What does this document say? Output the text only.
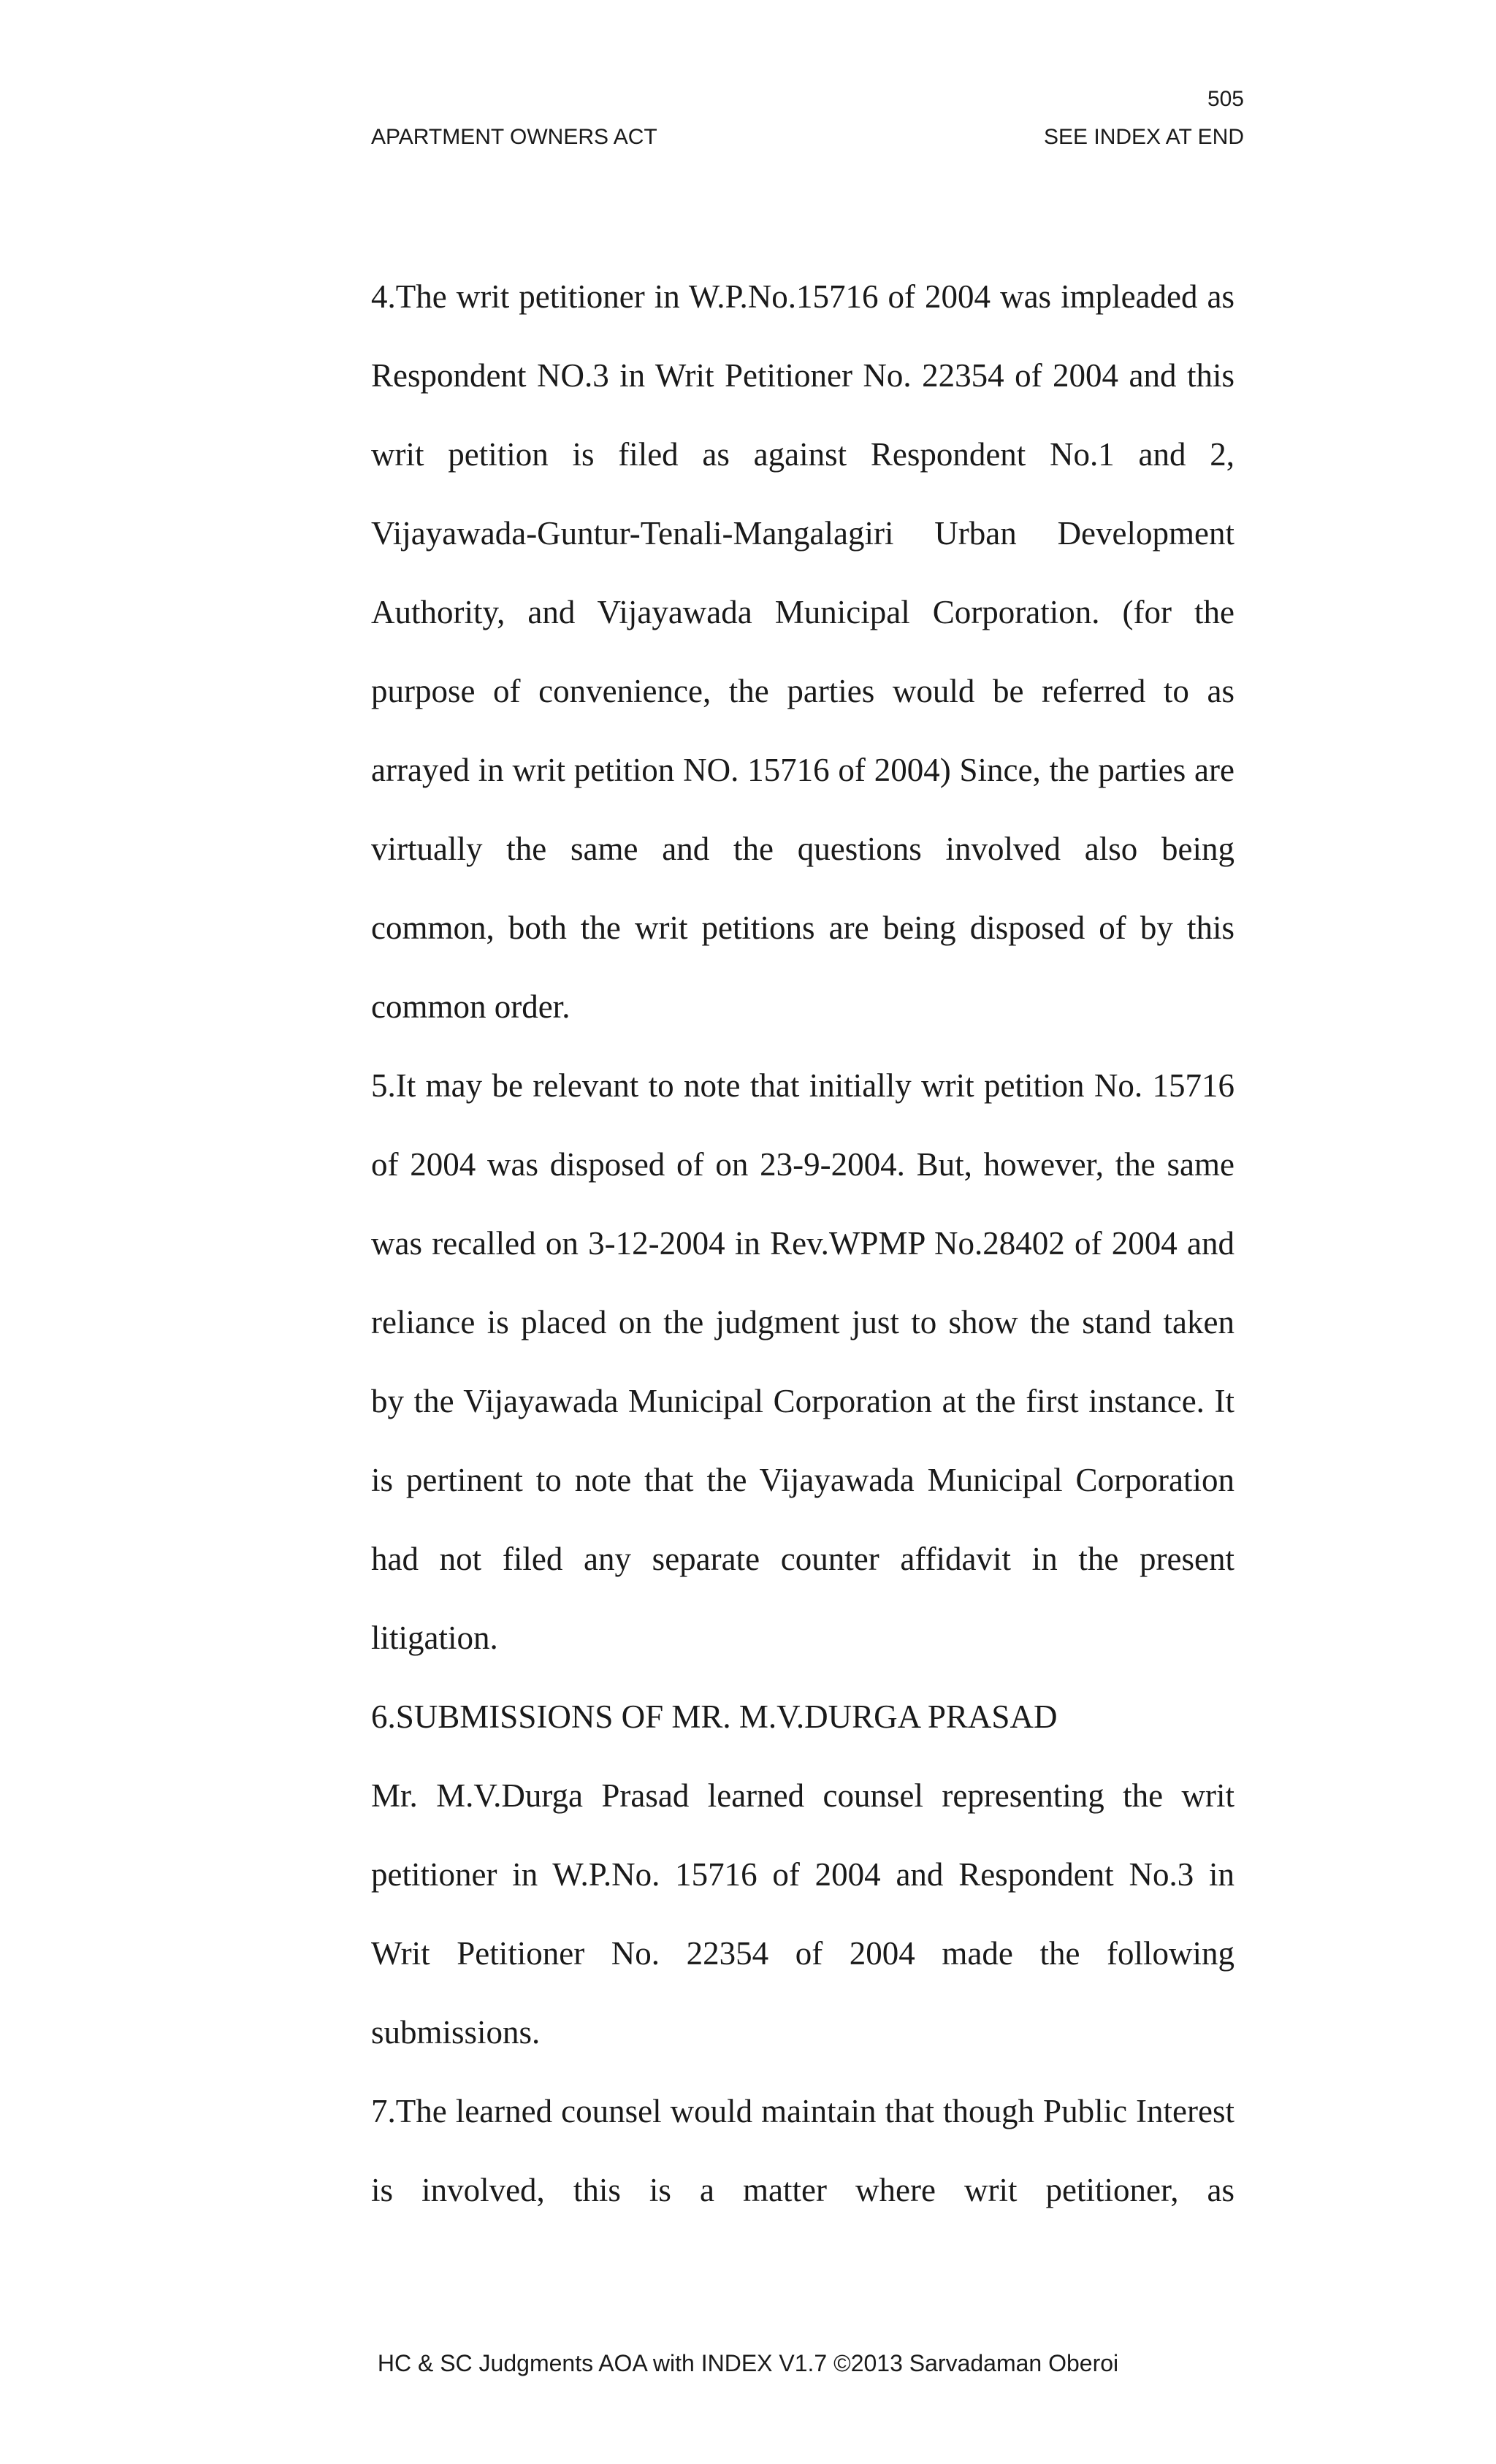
505
APARTMENT OWNERS ACT	SEE INDEX AT END

4.The writ petitioner in W.P.No.15716 of 2004 was impleaded as Respondent NO.3 in Writ Petitioner No. 22354 of 2004 and this writ petition is filed as against Respondent No.1 and 2, Vijayawada-Guntur-Tenali-Mangalagiri Urban Development Authority, and Vijayawada Municipal Corporation. (for the purpose of convenience, the parties would be referred to as arrayed in writ petition NO. 15716 of 2004) Since, the parties are virtually the same and the questions involved also being common, both the writ petitions are being disposed of by this common order.

5.It may be relevant to note that initially writ petition No. 15716 of 2004 was disposed of on 23-9-2004. But, however, the same was recalled on 3-12-2004 in Rev.WPMP No.28402 of 2004 and reliance is placed on the judgment just to show the stand taken by the Vijayawada Municipal Corporation at the first instance. It is pertinent to note that the Vijayawada Municipal Corporation had not filed any separate counter affidavit in the present litigation.

6.SUBMISSIONS OF MR. M.V.DURGA PRASAD

Mr. M.V.Durga Prasad learned counsel representing the writ petitioner in W.P.No. 15716 of 2004 and Respondent No.3 in Writ Petitioner No. 22354 of 2004 made the following submissions.

7.The learned counsel would maintain that though Public Interest is involved, this is a matter where writ petitioner, as

HC & SC Judgments AOA with INDEX V1.7 ©2013 Sarvadaman Oberoi
